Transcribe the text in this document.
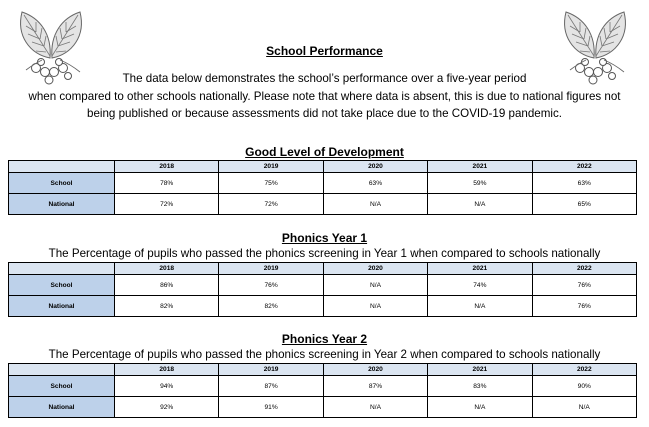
School Performance
The data below demonstrates the school’s performance over a five-year period
when compared to other schools nationally. Please note that where data is absent, this is due to national figures not
being published or because assessments did not take place due to the COVID-19 pandemic.
Good Level of Development
	2018	2019	2020	2021	2022
School	78%	75%	63%	59%	63%
National	72%	72%	N/A	N/A	65%
Phonics Year 1
The Percentage of pupils who passed the phonics screening in Year 1 when compared to schools nationally
	2018	2019	2020	2021	2022
School	86%	76%	N/A	74%	76%
National	82%	82%	N/A	N/A	76%
Phonics Year 2
The Percentage of pupils who passed the phonics screening in Year 2 when compared to schools nationally
	2018	2019	2020	2021	2022
School	94%	87%	87%	83%	90%
National	92%	91%	N/A	N/A	N/A
